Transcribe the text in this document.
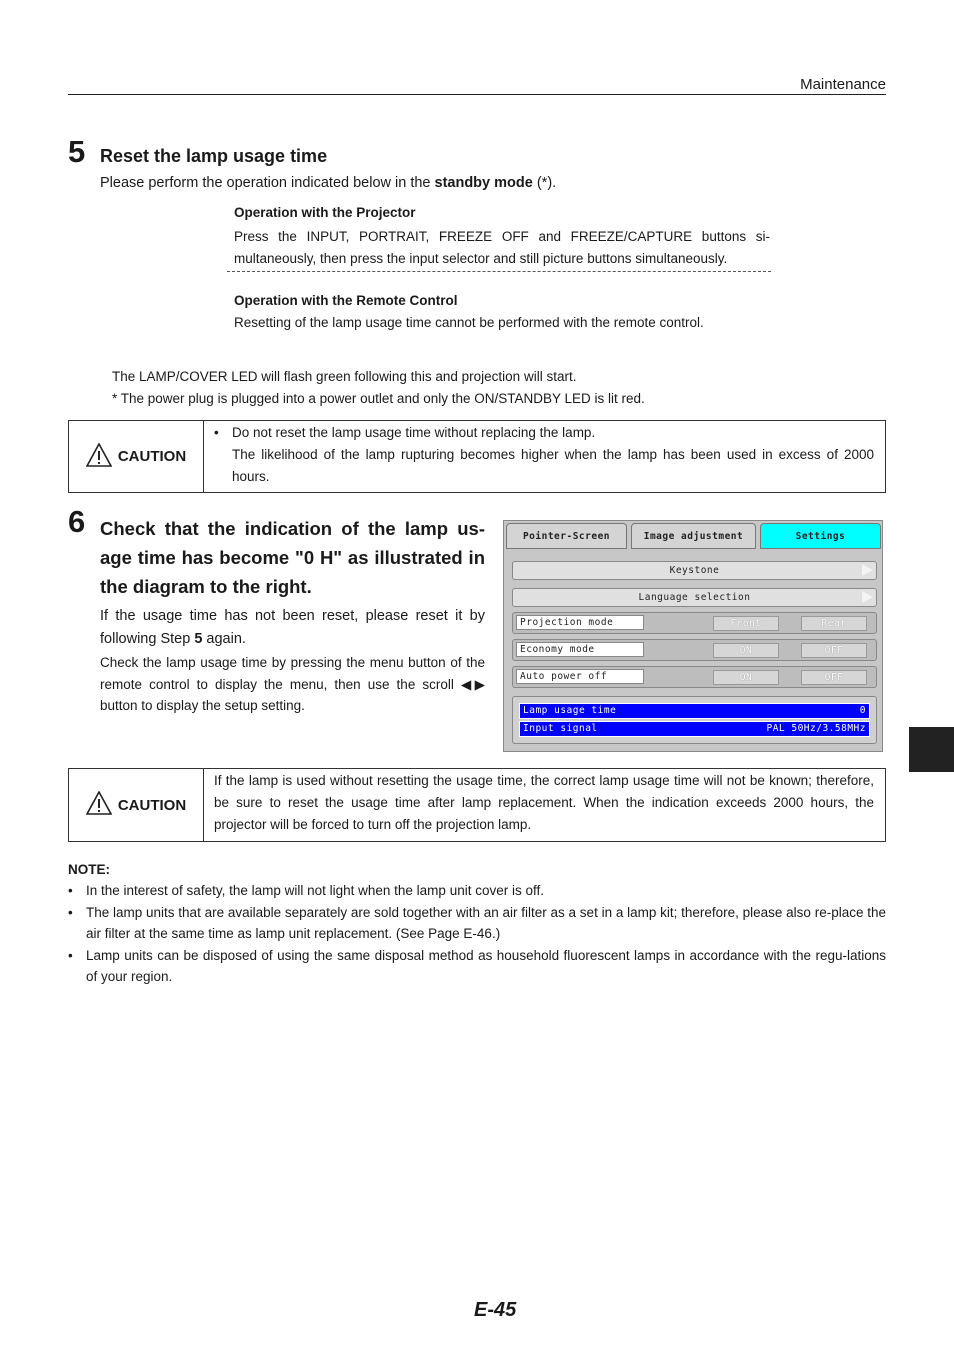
Maintenance
5 Reset the lamp usage time
Please perform the operation indicated below in the standby mode (*).
Operation with the Projector
Press the INPUT, PORTRAIT, FREEZE OFF and FREEZE/CAPTURE buttons si-multaneously, then press the input selector and still picture buttons simultaneously.
Operation with the Remote Control
Resetting of the lamp usage time cannot be performed with the remote control.
The LAMP/COVER LED will flash green following this and projection will start.
* The power plug is plugged into a power outlet and only the ON/STANDBY LED is lit red.
CAUTION
• Do not reset the lamp usage time without replacing the lamp.
The likelihood of the lamp rupturing becomes higher when the lamp has been used in excess of 2000 hours.
6 Check that the indication of the lamp us-age time has become "0 H" as illustrated in the diagram to the right.
If the usage time has not been reset, please reset it by following Step 5 again.
Check the lamp usage time by pressing the menu button of the remote control to display the menu, then use the scroll ◀▶ button to display the setup setting.
Pointer-Screen	Image adjustment	Settings
Keystone
Language selection
Projection mode	Front	Rear
Economy mode	ON	OFF
Auto power off	ON	OFF
Lamp usage time	0
Input signal	PAL 50Hz/3.58MHz
CAUTION
If the lamp is used without resetting the usage time, the correct lamp usage time will not be known; therefore, be sure to reset the usage time after lamp replacement. When the indication exceeds 2000 hours, the projector will be forced to turn off the projection lamp.
NOTE:
• In the interest of safety, the lamp will not light when the lamp unit cover is off.
• The lamp units that are available separately are sold together with an air filter as a set in a lamp kit; therefore, please also re-place the air filter at the same time as lamp unit replacement. (See Page E-46.)
• Lamp units can be disposed of using the same disposal method as household fluorescent lamps in accordance with the regu-lations of your region.
E-45
